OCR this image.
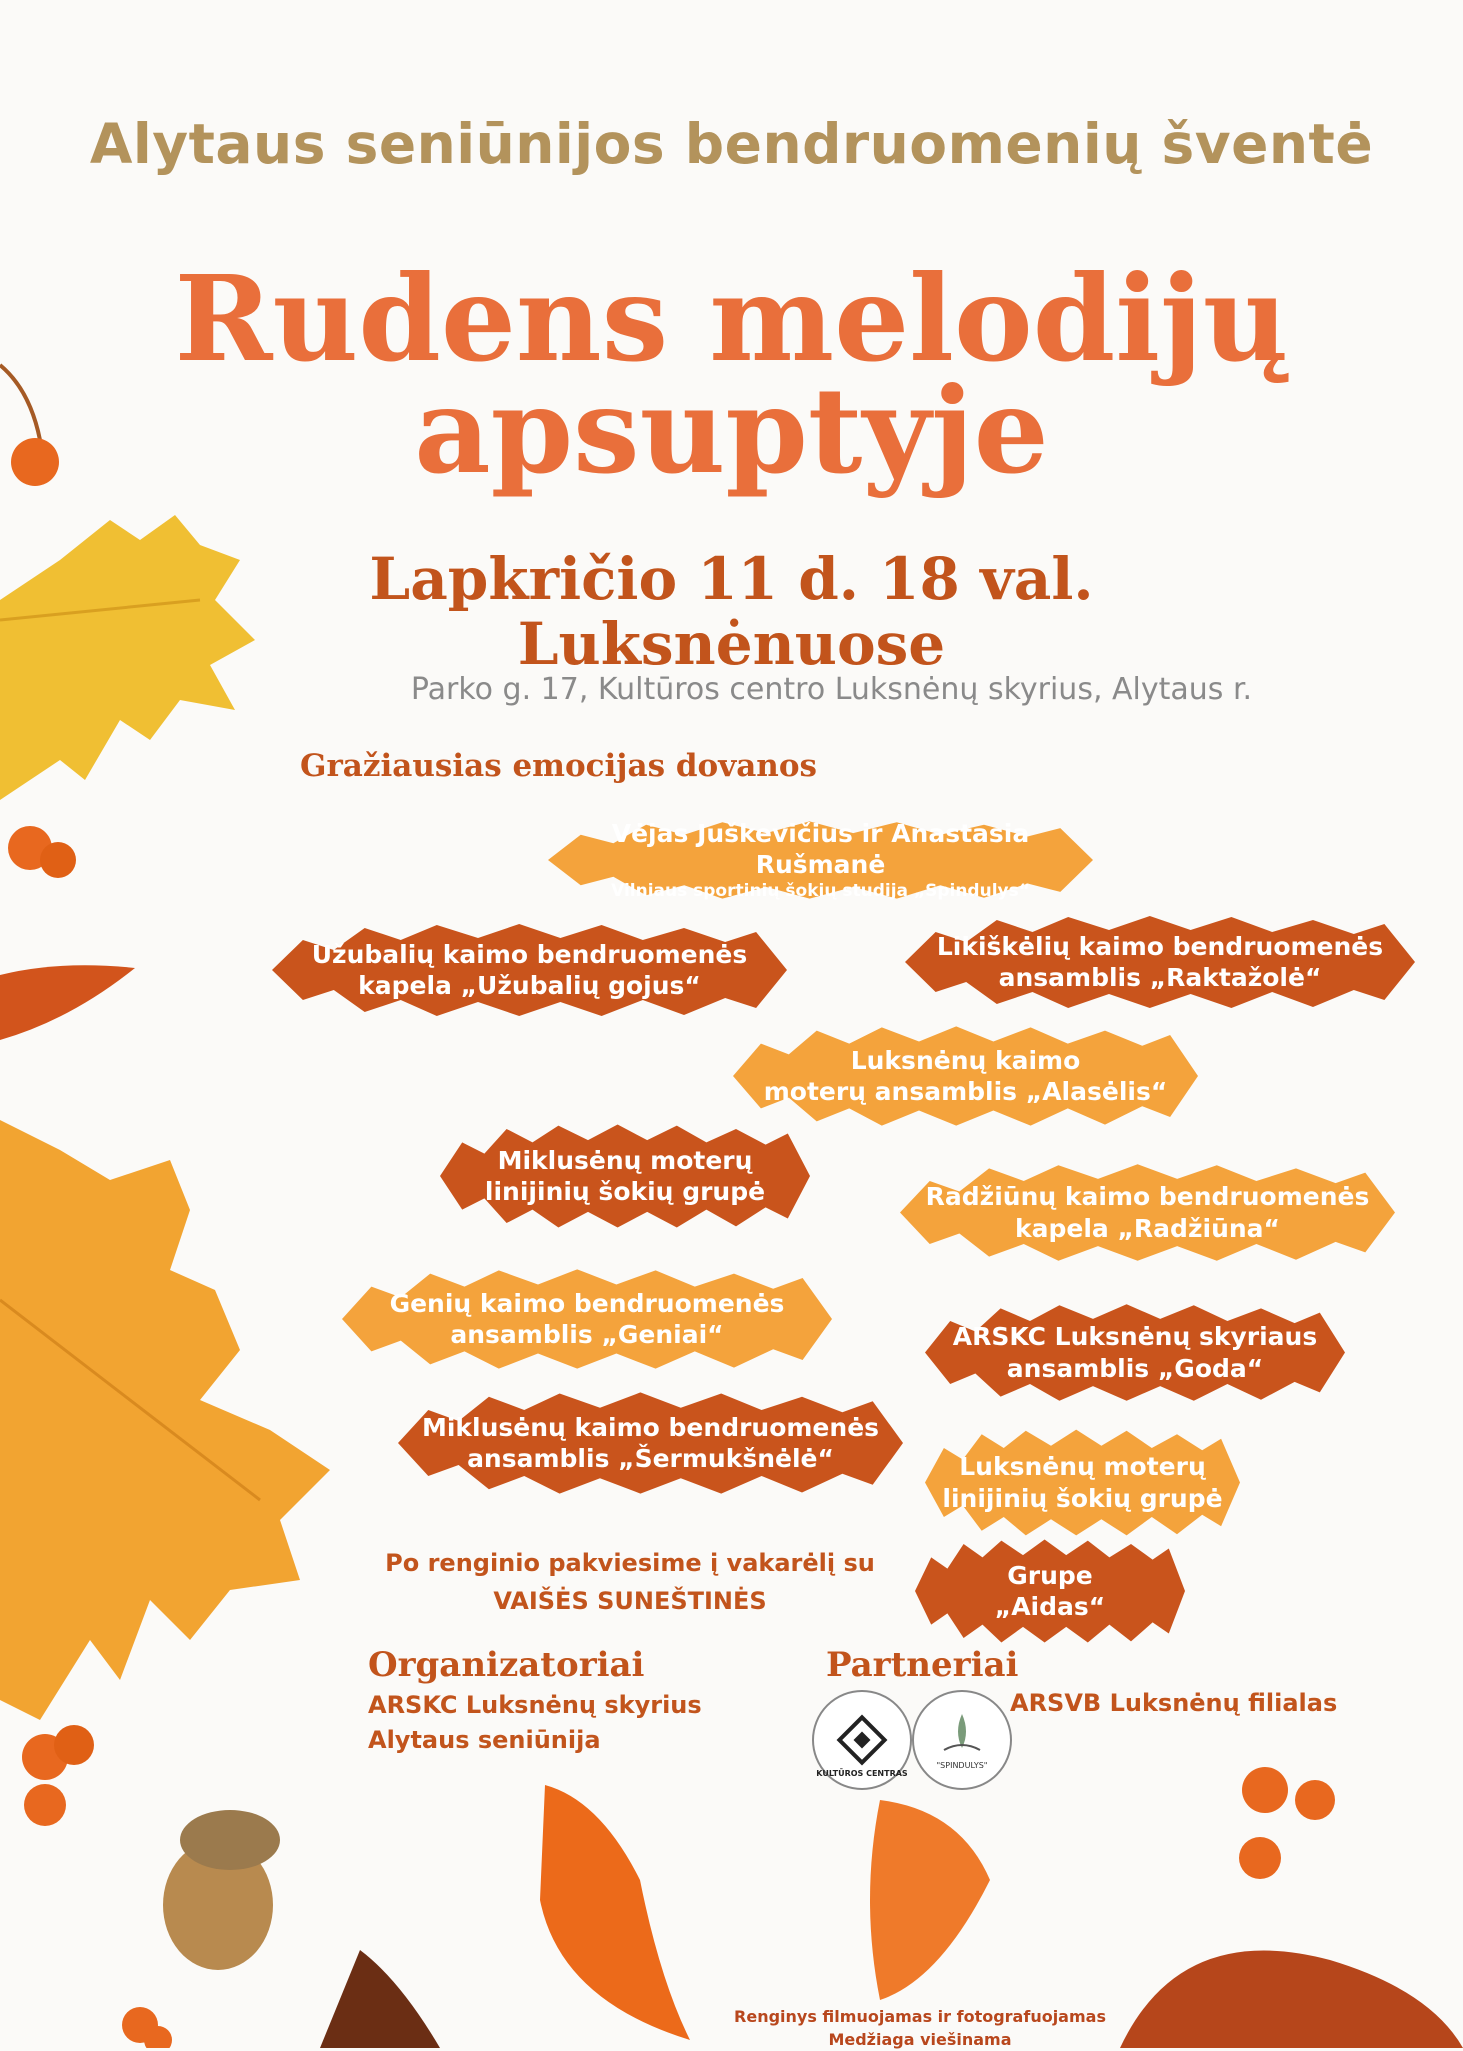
Alytaus seniūnijos bendruomenių šventė
Rudens melodijų
apsuptyje
Lapkričio 11 d. 18 val.
Luksnėnuose
Parko g. 17, Kultūros centro Luksnėnų skyrius, Alytaus r.
Gražiausias emocijas dovanos
Vėjas Juškevičius ir Anastasia Rušmanė
Vilniaus sportinių šokių studija „Spindulys“
Užubalių kaimo bendruomenės
kapela „Užubalių gojus“
Likiškėlių kaimo bendruomenės
ansamblis „Raktažolė“
Luksnėnų kaimo
moterų ansamblis „Alasėlis“
Miklusėnų moterų
linijinių šokių grupė	Radžiūnų kaimo bendruomenės
kapela „Radžiūna“
Genių kaimo bendruomenės
ansamblis „Geniai“	ARSKC Luksnėnų skyriaus
ansamblis „Goda“
Miklusėnų kaimo bendruomenės
ansamblis „Šermukšnėlė“	Luksnėnų moterų
linijinių šokių grupė
Grupe
„Aidas“
Po renginio pakviesime į vakarėlį su
VAIŠĖS SUNEŠTINĖS
Organizatoriai
ARSKC Luksnėnų skyrius
Alytaus seniūnija
Partneriai
KULTŪROS CENTRAS
"SPINDULYS"
ARSVB Luksnėnų filialas
Renginys filmuojamas ir fotografuojamas
Medžiaga viešinama
